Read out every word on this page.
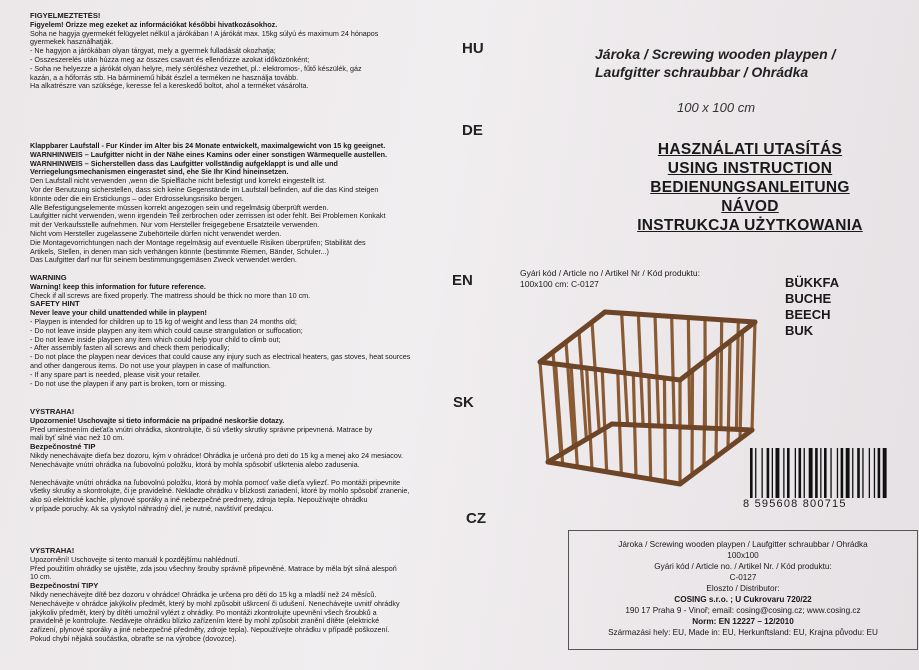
FIGYELMEZTETÉS!

Figyelem! Őrizze meg ezeket az információkat későbbi hivatkozásokhoz.

Soha ne hagyja gyermekét felügyelet nélkül a járókában ! A járókát max. 15kg súlyú és maximum 24 hónapos

gyermekek használhatják.

- Ne hagyjon a járókában olyan tárgyat, mely a gyermek fulladását okozhatja;

- Összeszerelés után húzza meg az összes csavart és ellenőrizze azokat időközönként;

- Soha ne helyezze a járókát olyan helyre, mely sérüléshez vezethet, pl.: elektromos-, fűtő készülék, gáz

kazán, a a hőforrás stb. Ha bárminemű hibát észlel a terméken ne használja tovább.

Ha alkatrészre van szüksége, keresse fel a kereskedő boltot, ahol a terméket vásárolta.

HU

Klappbarer Laufstall - Fur Kinder im Alter bis 24 Monate entwickelt, maximalgewicht von 15 kg geeignet.

WARNHINWEIS – Laufgitter nicht in der Nähe eines Kamins oder einer sonstigen Wärmequelle austellen.

WARNHINWEIS – Sicherstellen dass das Laufgitter vollständig aufgeklappt is und alle und

Verriegelungsmechanismen eingerastet sind, ehe Sie Ihr Kind hineinsetzen.

Den Laufstall nicht verwenden ,wenn die Spielfläche nicht befestigt und korrekt eingestellt ist.

Vor der Benutzung sicherstellen, dass sich keine Gegenstände im Laufstall befinden, auf die das Kind steigen

könnte oder die ein Erstickungs – oder Erdrosselungsrisiko bergen.

Alle Befestigungselemente müssen korrekt angezogen sein und regelmäsig überprüft werden.

Laufgitter nicht verwenden, wenn irgendein Teil zerbrochen oder zerrissen ist oder fehlt. Bei Problemen Konkakt

mit der Verkaufsstelle aufnehmen. Nur vom Hersteller freigegebene Ersatzteile verwenden.

Nicht vom Hersteller zugelassene Zubehörteile dürfen nicht verwendet werden.

Die Montagevorrichtungen nach der Montage regelmäsig auf eventuelle Risiken überprüfen; Stabilität des

Artikels, Stellen, in denen man sich verhängen könnte (bestimmte Riemen, Bänder, Schuler...)

Das Laufgitter darf nur für seinem bestimmungsgemäsen Zweck verwendet werden.

DE

WARNING

Warning! keep this information for future reference.

Check if all screws are fixed properly. The mattress should be thick no more than 10 cm.

SAFETY HINT

Never leave your child unattended while in playpen!

- Playpen is intended for children up to 15 kg of weight and less than 24 months old;

- Do not leave inside playpen any item which could cause strangulation or suffocation;

- Do not leave inside playpen any item which could help your child to climb out;

- After assembly fasten all screws and check them periodically;

- Do not place the playpen near devices that could cause any injury such as electrical heaters, gas stoves, heat sources

and other dangerous items. Do not use your playpen in case of malfunction.

- If any spare part is needed, please visit your retailer.

- Do not use the playpen if any part is broken, torn or missing.

EN

VÝSTRAHA!

Upozornenie! Uschovajte si tieto informácie na prípadné neskoršie dotazy.

Pred umiestnením dieťaťa vnútri ohrádka, skontrolujte, či sú všetky skrutky správne pripevnená. Matrace by

mali byť silné viac než 10 cm.

Bezpečnostné TIP

Nikdy nenechávajte dieťa bez dozoru, kým v ohrádce! Ohrádka je určená pro deti do 15 kg a menej ako 24 mesiacov.

Nenechávajte vnútri ohrádka na ľubovolnú položku, ktorá by mohla spôsobiť uškrtenia alebo zadusenia.

Nenechávajte vnútri ohrádka na ľubovolnú položku, ktorá by mohla pomocť vaše dieťa vyliezť. Po montáži pripevnite

všetky skrutky a skontrolujte, či je pravidelné. Nekladte ohrádku v blízkosti zariadení, ktoré by mohlo spôsobiť zranenie,

ako sú elektrické kachle, plynové sporáky a iné nebezpečné predmety, zdroja tepla. Nepoužívajte ohrádku

v prípade poruchy. Ak sa vyskytol náhradný diel, je nutné, navštíviť predajcu.

SK

VÝSTRAHA!

Upozornění! Uschovejte si tento manuál k pozdějšímu nahlédnutí.

Před použitím ohrádky se ujistěte, zda jsou všechny šrouby správně připevněné. Matrace by měla být silná alespoň

10 cm.

Bezpečnostní TIPY

Nikdy nenechávejte dítě bez dozoru v ohrádce! Ohrádka je určena pro děti do 15 kg a mladší než 24 měsíců.

Nenechávejte v ohrádce jakýkoliv předmět, který by mohl způsobit uškrcení či udušení. Nenechávejte uvnitř ohrádky

jakýkoliv předmět, který by dítěti umožnil vylézt z ohrádky. Po montáži zkontrolujte upevnění všech šroubků a

pravidelně je kontrolujte. Nedávejte ohrádku blízko zařízením které by mohl způsobit zranění dítěte (elektrické

zařízení, plynové sporáky a jiné nebezpečné předměty, zdroje tepla). Nepoužívejte ohrádku v případě poškození.

Pokud chybí nějaká součástka, obraťte se na výrobce (dovozce).

CZ
Jároka / Screwing wooden playpen /
Laufgitter schraubbar / Ohrádka
100 x 100 cm
HASZNÁLATI UTASÍTÁS
USING INSTRUCTION
BEDIENUNGSANLEITUNG
NÁVOD
INSTRUKCJA UŻYTKOWANIA
Gyári kód / Article no / Artikel Nr / Kód produktu:
100x100 cm: C-0127	BÜKKFA
BUCHE
BEECH
BUK
8 595608 800715

Jároka / Screwing wooden playpen / Laufgitter schraubbar / Ohrádka

100x100

Gyári kód / Article no. / Artikel Nr. / Kód produktu:

C-0127

Eloszto / Distributor:

COSING s.r.o. ; U Cukrovaru 720/22

190 17 Praha 9 - Vinoř; email: cosing@cosing.cz; www.cosing.cz

Norm: EN 12227 – 12/2010

Származási hely: EU, Made in: EU, Herkunftsland: EU, Krajna původu: EU
